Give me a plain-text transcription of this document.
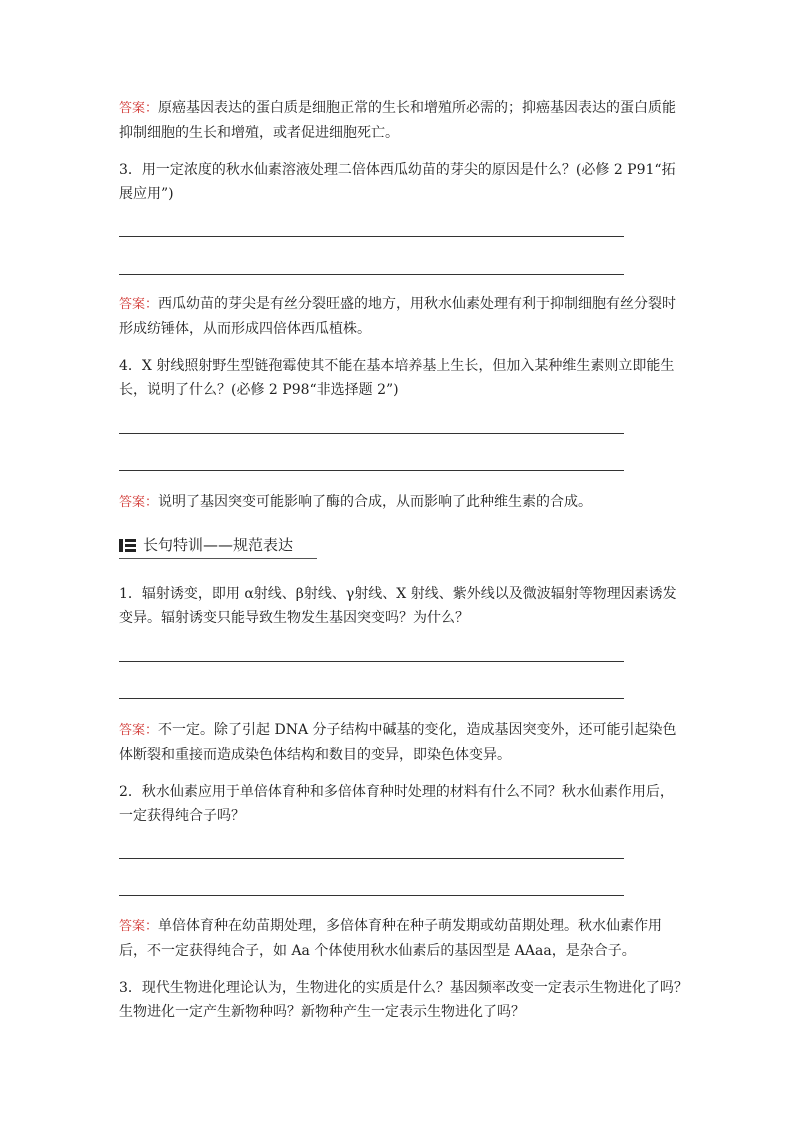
答案：原癌基因表达的蛋白质是细胞正常的生长和增殖所必需的；抑癌基因表达的蛋白质能抑制细胞的生长和增殖，或者促进细胞死亡。
3．用一定浓度的秋水仙素溶液处理二倍体西瓜幼苗的芽尖的原因是什么？(必修 2 P91“拓展应用”)
答案：西瓜幼苗的芽尖是有丝分裂旺盛的地方，用秋水仙素处理有利于抑制细胞有丝分裂时形成纺锤体，从而形成四倍体西瓜植株。
4．X 射线照射野生型链孢霉使其不能在基本培养基上生长，但加入某种维生素则立即能生长，说明了什么？(必修 2 P98“非选择题 2”)
答案：说明了基因突变可能影响了酶的合成，从而影响了此种维生素的合成。
长句特训——规范表达
1．辐射诱变，即用 α射线、β射线、γ射线、X 射线、紫外线以及微波辐射等物理因素诱发变异。辐射诱变只能导致生物发生基因突变吗？为什么？
答案：不一定。除了引起 DNA 分子结构中碱基的变化，造成基因突变外，还可能引起染色体断裂和重接而造成染色体结构和数目的变异，即染色体变异。
2．秋水仙素应用于单倍体育种和多倍体育种时处理的材料有什么不同？秋水仙素作用后，一定获得纯合子吗？
答案：单倍体育种在幼苗期处理，多倍体育种在种子萌发期或幼苗期处理。秋水仙素作用后，不一定获得纯合子，如 Aa 个体使用秋水仙素后的基因型是 AAaa，是杂合子。
3．现代生物进化理论认为，生物进化的实质是什么？基因频率改变一定表示生物进化了吗？生物进化一定产生新物种吗？新物种产生一定表示生物进化了吗？
